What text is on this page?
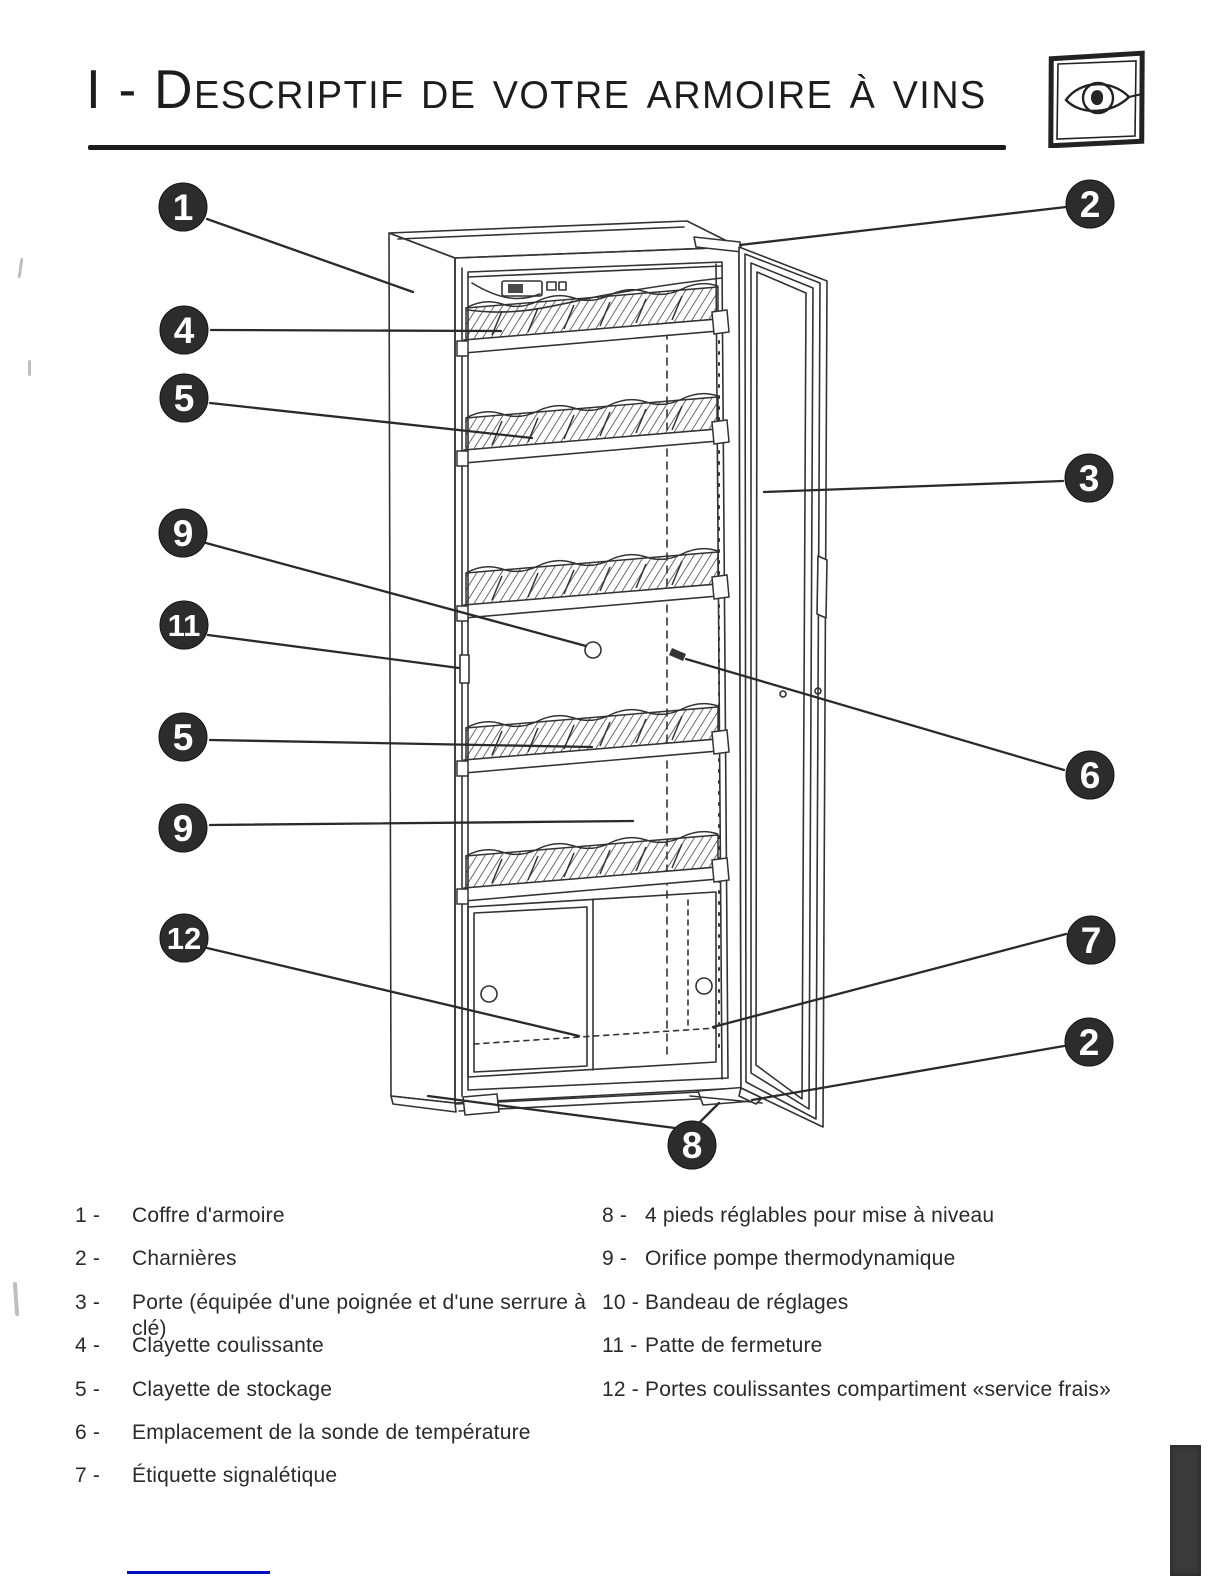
I - Descriptif de votre armoire à vins
1	2
3
4
5
5
6
7
8
9
9
11
12
2
1 -	Coffre d'armoire
2 -	Charnières
3 -	Porte (équipée d'une poignée et d'une serrure à clé)
4 -	Clayette coulissante
5 -	Clayette de stockage
6 -	Emplacement de la sonde de température
7 -	Étiquette signalétique
8 - 4 pieds réglables pour mise à niveau
9 - Orifice pompe thermodynamique
10 - Bandeau de réglages
11 - Patte de fermeture
12 - Portes coulissantes compartiment «service frais»
